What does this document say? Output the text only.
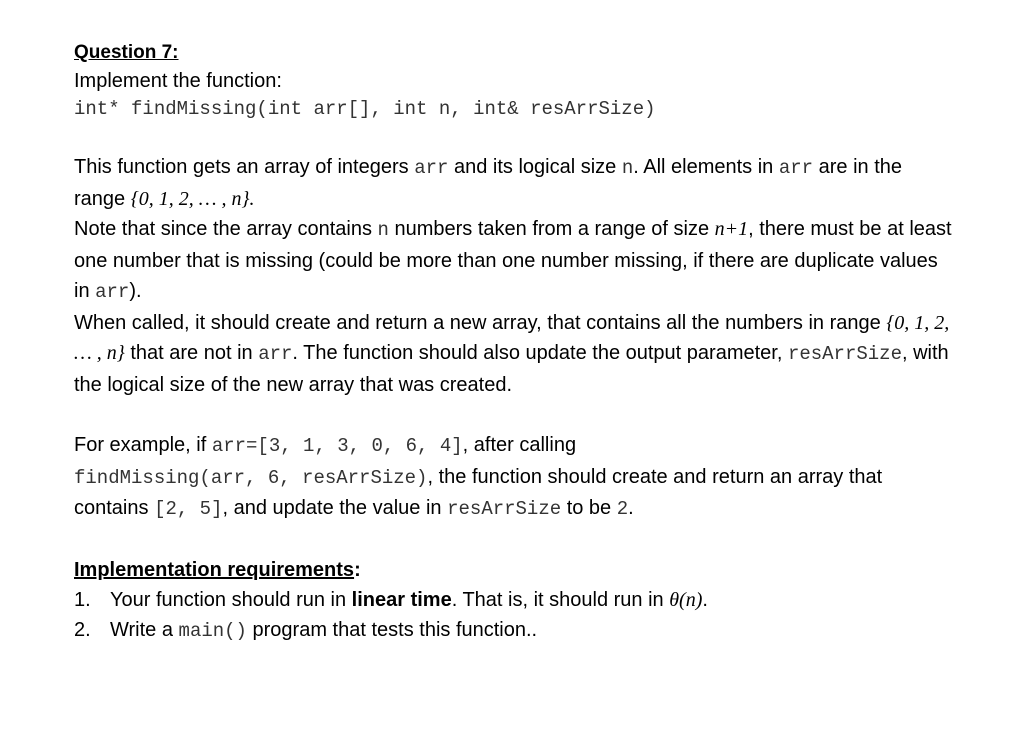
Question 7:

Implement the function:

int* findMissing(int arr[], int n, int& resArrSize)

This function gets an array of integers arr and its logical size n. All elements in arr are in the range {0, 1, 2, … , n}.

Note that since the array contains n numbers taken from a range of size n+1, there must be at least one number that is missing (could be more than one number missing, if there are duplicate values in arr).

When called, it should create and return a new array, that contains all the numbers in range {0, 1, 2, … , n} that are not in arr. The function should also update the output parameter, resArrSize, with the logical size of the new array that was created.

For example, if arr=[3, 1, 3, 0, 6, 4], after calling
findMissing(arr, 6, resArrSize), the function should create and return an array that contains [2, 5], and update the value in resArrSize to be 2.

Implementation requirements:

1. Your function should run in linear time. That is, it should run in θ(n).
2. Write a main() program that tests this function..
